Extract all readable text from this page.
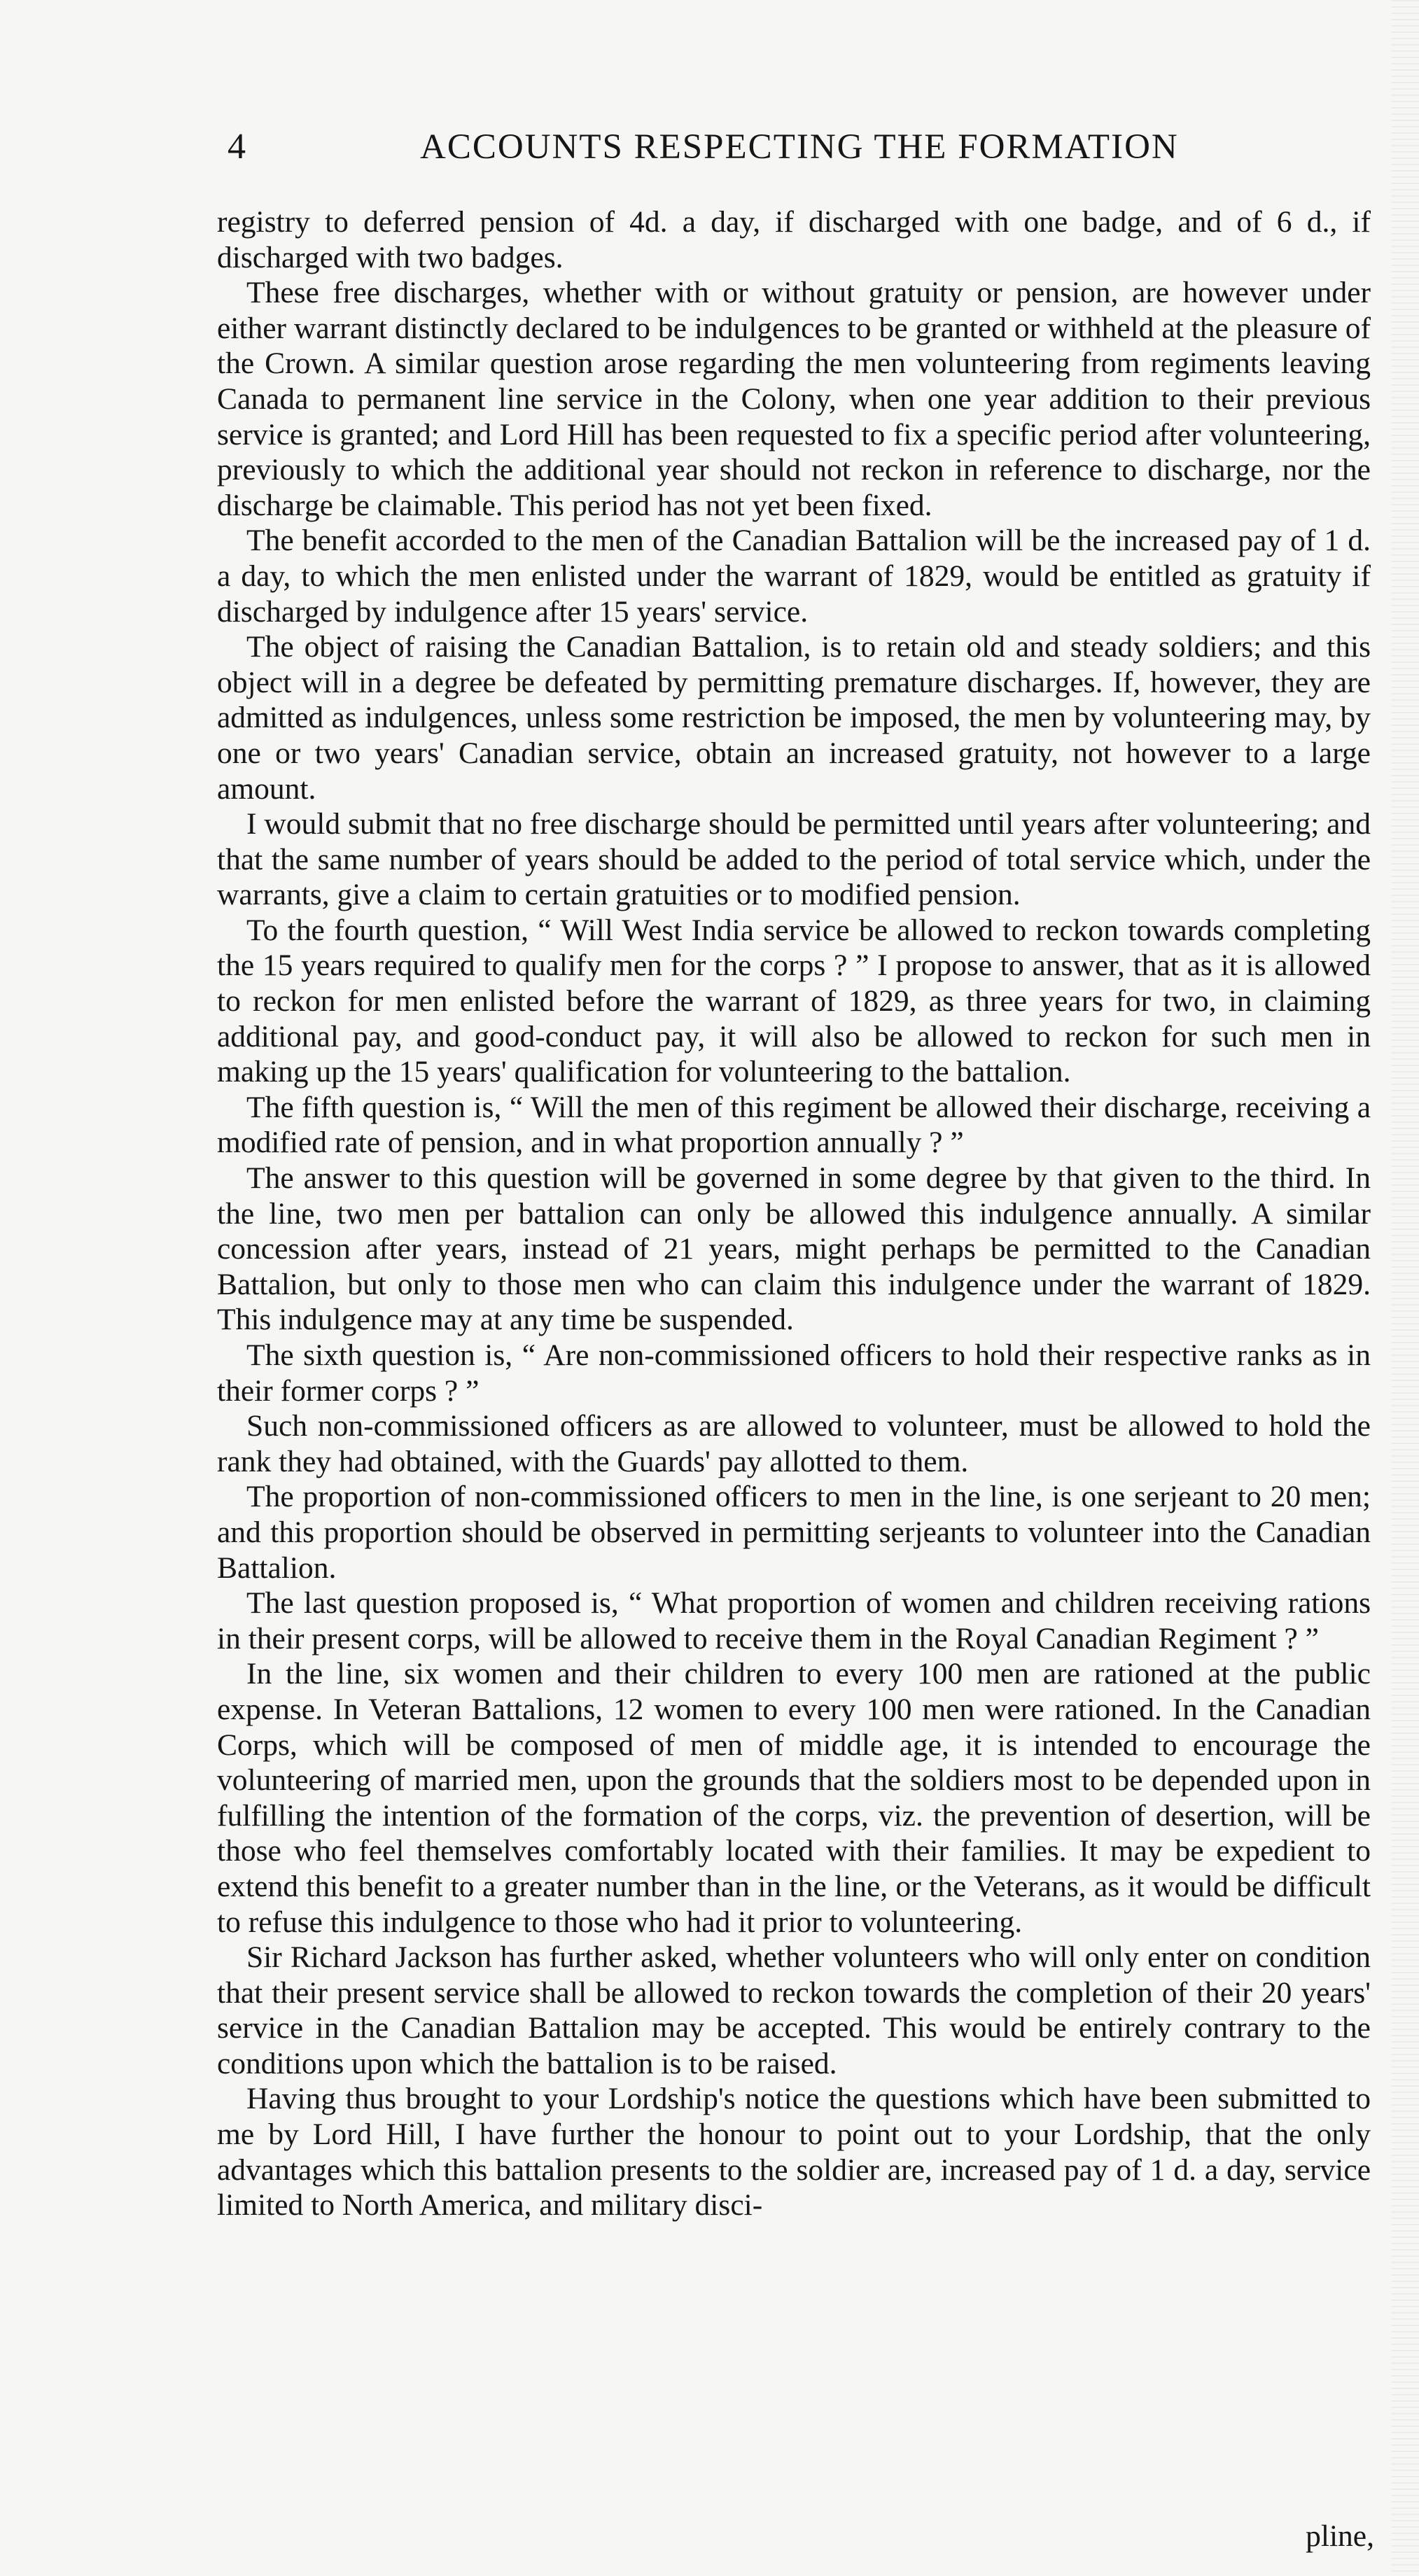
4	ACCOUNTS RESPECTING THE FORMATION

registry to deferred pension of 4d. a day, if discharged with one badge, and of 6 d., if discharged with two badges.

These free discharges, whether with or without gratuity or pension, are however under either warrant distinctly declared to be indulgences to be granted or withheld at the pleasure of the Crown. A similar question arose regarding the men volunteering from regiments leaving Canada to permanent line service in the Colony, when one year addition to their previous service is granted; and Lord Hill has been requested to fix a specific period after volunteering, previously to which the additional year should not reckon in reference to discharge, nor the discharge be claimable. This period has not yet been fixed.

The benefit accorded to the men of the Canadian Battalion will be the increased pay of 1 d. a day, to which the men enlisted under the warrant of 1829, would be entitled as gratuity if discharged by indulgence after 15 years' service.

The object of raising the Canadian Battalion, is to retain old and steady soldiers; and this object will in a degree be defeated by permitting premature discharges. If, however, they are admitted as indulgences, unless some restriction be imposed, the men by volunteering may, by one or two years' Canadian service, obtain an increased gratuity, not however to a large amount.

I would submit that no free discharge should be permitted until years after volunteering; and that the same number of years should be added to the period of total service which, under the warrants, give a claim to certain gratuities or to modified pension.

To the fourth question, “ Will West India service be allowed to reckon towards completing the 15 years required to qualify men for the corps ? ” I propose to answer, that as it is allowed to reckon for men enlisted before the warrant of 1829, as three years for two, in claiming additional pay, and good-conduct pay, it will also be allowed to reckon for such men in making up the 15 years' qualification for volunteering to the battalion.

The fifth question is, “ Will the men of this regiment be allowed their discharge, receiving a modified rate of pension, and in what proportion annually ? ”

The answer to this question will be governed in some degree by that given to the third. In the line, two men per battalion can only be allowed this indulgence annually. A similar concession after years, instead of 21 years, might perhaps be permitted to the Canadian Battalion, but only to those men who can claim this indulgence under the warrant of 1829. This indulgence may at any time be suspended.

The sixth question is, “ Are non-commissioned officers to hold their respective ranks as in their former corps ? ”

Such non-commissioned officers as are allowed to volunteer, must be allowed to hold the rank they had obtained, with the Guards' pay allotted to them.

The proportion of non-commissioned officers to men in the line, is one serjeant to 20 men; and this proportion should be observed in permitting serjeants to volunteer into the Canadian Battalion.

The last question proposed is, “ What proportion of women and children receiving rations in their present corps, will be allowed to receive them in the Royal Canadian Regiment ? ”

In the line, six women and their children to every 100 men are rationed at the public expense. In Veteran Battalions, 12 women to every 100 men were rationed. In the Canadian Corps, which will be composed of men of middle age, it is intended to encourage the volunteering of married men, upon the grounds that the soldiers most to be depended upon in fulfilling the intention of the formation of the corps, viz. the prevention of desertion, will be those who feel themselves comfortably located with their families. It may be expedient to extend this benefit to a greater number than in the line, or the Veterans, as it would be difficult to refuse this indulgence to those who had it prior to volunteering.

Sir Richard Jackson has further asked, whether volunteers who will only enter on condition that their present service shall be allowed to reckon towards the completion of their 20 years' service in the Canadian Battalion may be accepted. This would be entirely contrary to the conditions upon which the battalion is to be raised.

Having thus brought to your Lordship's notice the questions which have been submitted to me by Lord Hill, I have further the honour to point out to your Lordship, that the only advantages which this battalion presents to the soldier are, increased pay of 1 d. a day, service limited to North America, and military disci-

pline,
